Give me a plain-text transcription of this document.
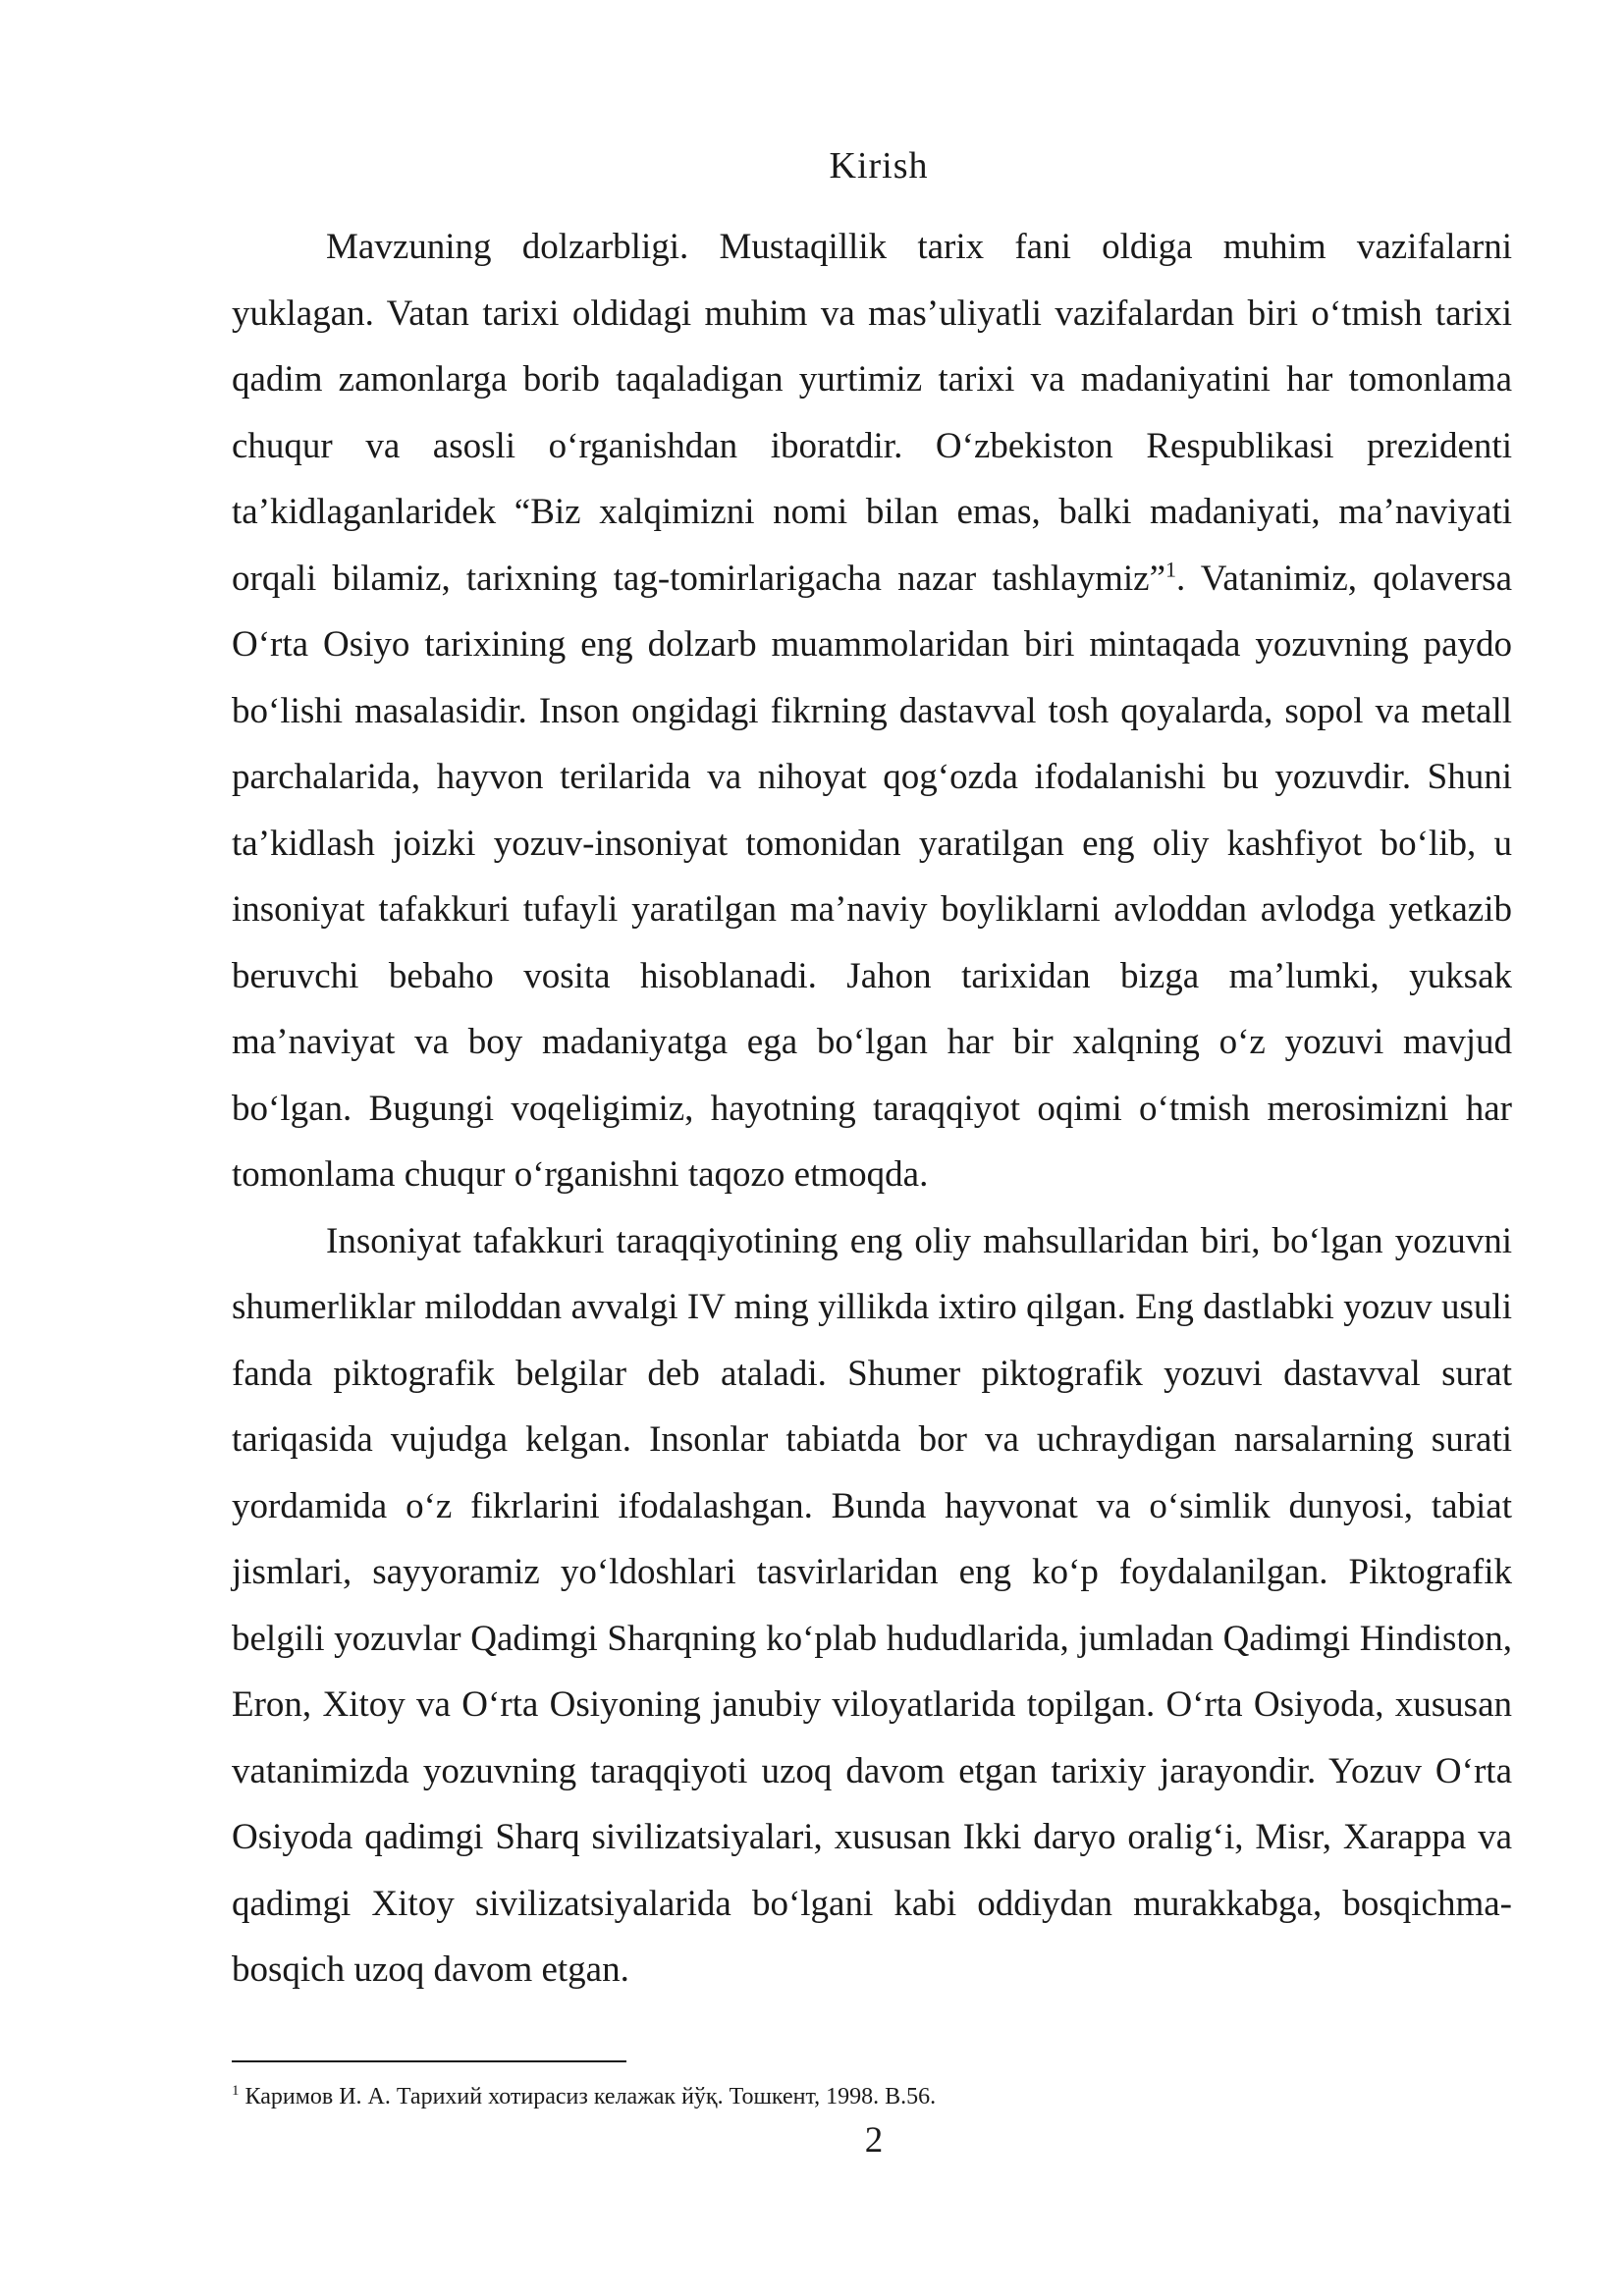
Kirish

Mavzuning dolzarbligi. Mustaqillik tarix fani oldiga muhim vazifalarni yuklagan. Vatan tarixi oldidagi muhim va mas’uliyatli vazifalardan biri o‘tmish tarixi qadim zamonlarga borib taqaladigan yurtimiz tarixi va madaniyatini har tomonlama chuqur va asosli o‘rganishdan iboratdir. O‘zbekiston Respublikasi prezidenti ta’kidlaganlaridek “Biz xalqimizni nomi bilan emas, balki madaniyati, ma’naviyati orqali bilamiz, tarixning tag-tomirlarigacha nazar tashlaymiz”$^1$. Vatanimiz, qolaversa O‘rta Osiyo tarixining eng dolzarb muammolaridan biri mintaqada yozuvning paydo bo‘lishi masalasidir. Inson ongidagi fikrning dastavval tosh qoyalarda, sopol va metall parchalarida, hayvon terilarida va nihoyat qog‘ozda ifodalanishi bu yozuvdir. Shuni ta’kidlash joizki yozuv-insoniyat tomonidan yaratilgan eng oliy kashfiyot bo‘lib, u insoniyat tafakkuri tufayli yaratilgan ma’naviy boyliklarni avloddan avlodga yetkazib beruvchi bebaho vosita hisoblanadi. Jahon tarixidan bizga ma’lumki, yuksak ma’naviyat va boy madaniyatga ega bo‘lgan har bir xalqning o‘z yozuvi mavjud bo‘lgan. Bugungi voqeligimiz, hayotning taraqqiyot oqimi o‘tmish merosimizni har tomonlama chuqur o‘rganishni taqozo etmoqda.

Insoniyat tafakkuri taraqqiyotining eng oliy mahsullaridan biri, bo‘lgan yozuvni shumerliklar miloddan avvalgi IV ming yillikda ixtiro qilgan. Eng dastlabki yozuv usuli fanda piktografik belgilar deb ataladi. Shumer piktografik yozuvi dastavval surat tariqasida vujudga kelgan. Insonlar tabiatda bor va uchraydigan narsalarning surati yordamida o‘z fikrlarini ifodalashgan. Bunda hayvonat va o‘simlik dunyosi, tabiat jismlari, sayyoramiz yo‘ldoshlari tasvirlaridan eng ko‘p foydalanilgan. Piktografik belgili yozuvlar Qadimgi Sharqning ko‘plab hududlarida, jumladan Qadimgi Hindiston, Eron, Xitoy va O‘rta Osiyoning janubiy viloyatlarida topilgan. O‘rta Osiyoda, xususan vatanimizda yozuvning taraqqiyoti uzoq davom etgan tarixiy jarayondir. Yozuv O‘rta Osiyoda qadimgi Sharq sivilizatsiyalari, xususan Ikki daryo oralig‘i, Misr, Xarappa va qadimgi Xitoy sivilizatsiyalarida bo‘lgani kabi oddiydan murakkabga, bosqichma-bosqich uzoq davom etgan.

$^1$ Каримов И. А. Тарихий хотирасиз келажак йўқ. Тошкент, 1998. B.56.
2
